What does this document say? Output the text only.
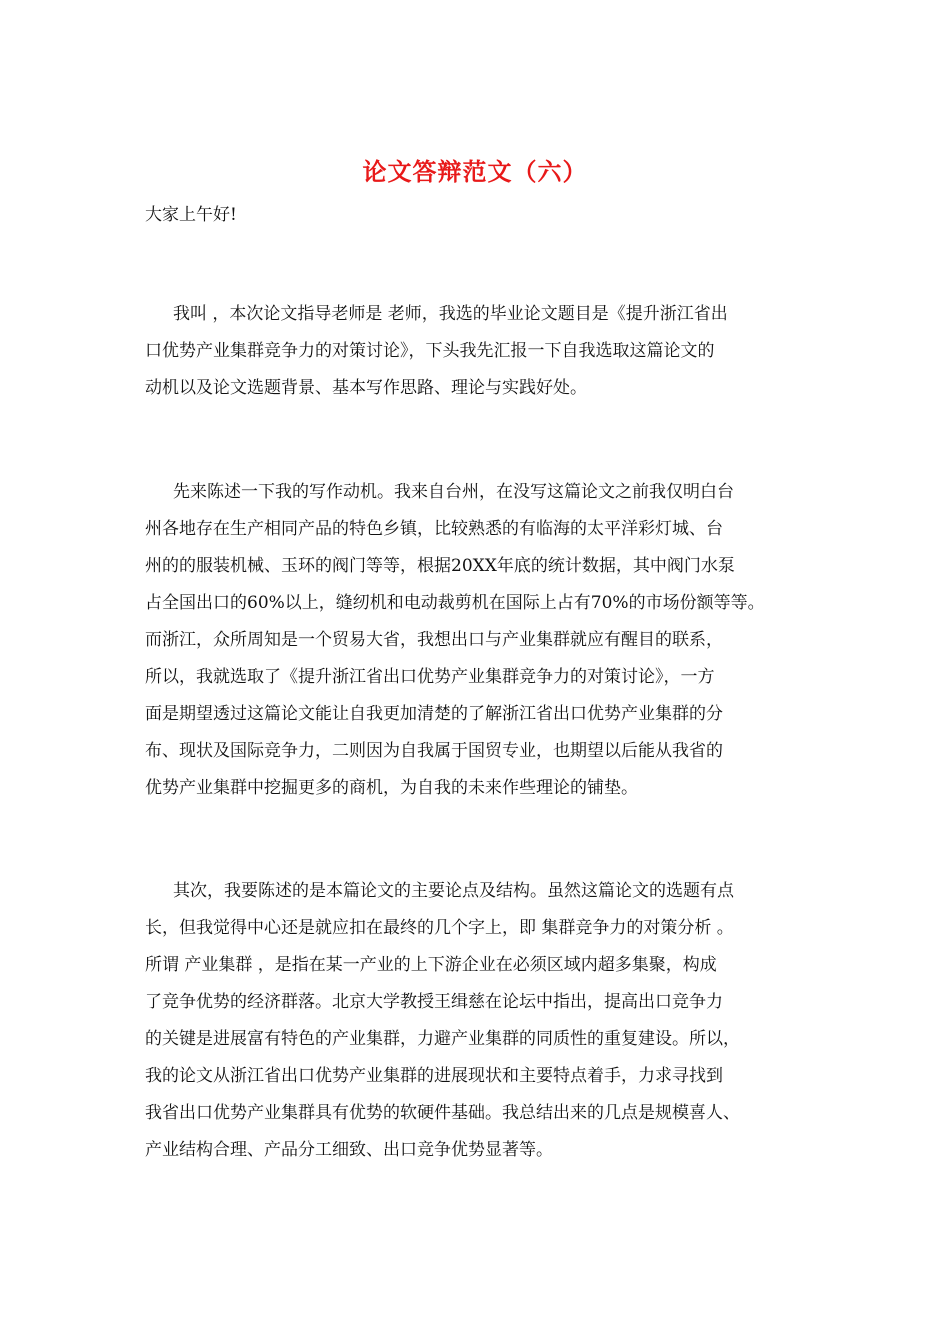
论文答辩范文（六）
大家上午好!
我叫 ，本次论文指导老师是 老师，我选的毕业论文题目是《提升浙江省出
口优势产业集群竞争力的对策讨论》，下头我先汇报一下自我选取这篇论文的
动机以及论文选题背景、基本写作思路、理论与实践好处。
先来陈述一下我的写作动机。我来自台州，在没写这篇论文之前我仅明白台
州各地存在生产相同产品的特色乡镇，比较熟悉的有临海的太平洋彩灯城、台
州的的服装机械、玉环的阀门等等，根据20XX年底的统计数据，其中阀门水泵
占全国出口的60%以上，缝纫机和电动裁剪机在国际上占有70%的市场份额等等。
而浙江，众所周知是一个贸易大省，我想出口与产业集群就应有醒目的联系，
所以，我就选取了《提升浙江省出口优势产业集群竞争力的对策讨论》，一方
面是期望透过这篇论文能让自我更加清楚的了解浙江省出口优势产业集群的分
布、现状及国际竞争力，二则因为自我属于国贸专业，也期望以后能从我省的
优势产业集群中挖掘更多的商机，为自我的未来作些理论的铺垫。
其次，我要陈述的是本篇论文的主要论点及结构。虽然这篇论文的选题有点
长，但我觉得中心还是就应扣在最终的几个字上，即 集群竞争力的对策分析 。
所谓 产业集群 ，是指在某一产业的上下游企业在必须区域内超多集聚，构成
了竞争优势的经济群落。北京大学教授王缉慈在论坛中指出，提高出口竞争力
的关键是进展富有特色的产业集群，力避产业集群的同质性的重复建设。所以，
我的论文从浙江省出口优势产业集群的进展现状和主要特点着手，力求寻找到
我省出口优势产业集群具有优势的软硬件基础。我总结出来的几点是规模喜人、
产业结构合理、产品分工细致、出口竞争优势显著等。
